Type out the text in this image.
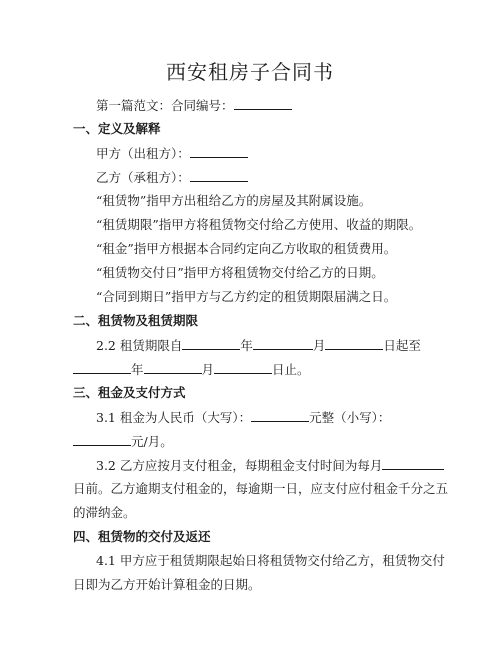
西安租房子合同书
第一篇范文：合同编号：
一、定义及解释
甲方（出租方）：
乙方（承租方）：
“租赁物”指甲方出租给乙方的房屋及其附属设施。
“租赁期限”指甲方将租赁物交付给乙方使用、收益的期限。
“租金”指甲方根据本合同约定向乙方收取的租赁费用。
“租赁物交付日”指甲方将租赁物交付给乙方的日期。
“合同到期日”指甲方与乙方约定的租赁期限届满之日。
二、租赁物及租赁期限
2.2 租赁期限自	年	月	日起至
年	月	日止。
三、租金及支付方式
3.1 租金为人民币（大写）：	元整（小写）：
元/月。
3.2 乙方应按月支付租金，每期租金支付时间为每月
日前。乙方逾期支付租金的，每逾期一日，应支付应付租金千分之五
的滞纳金。
四、租赁物的交付及返还
4.1 甲方应于租赁期限起始日将租赁物交付给乙方，租赁物交付
日即为乙方开始计算租金的日期。
